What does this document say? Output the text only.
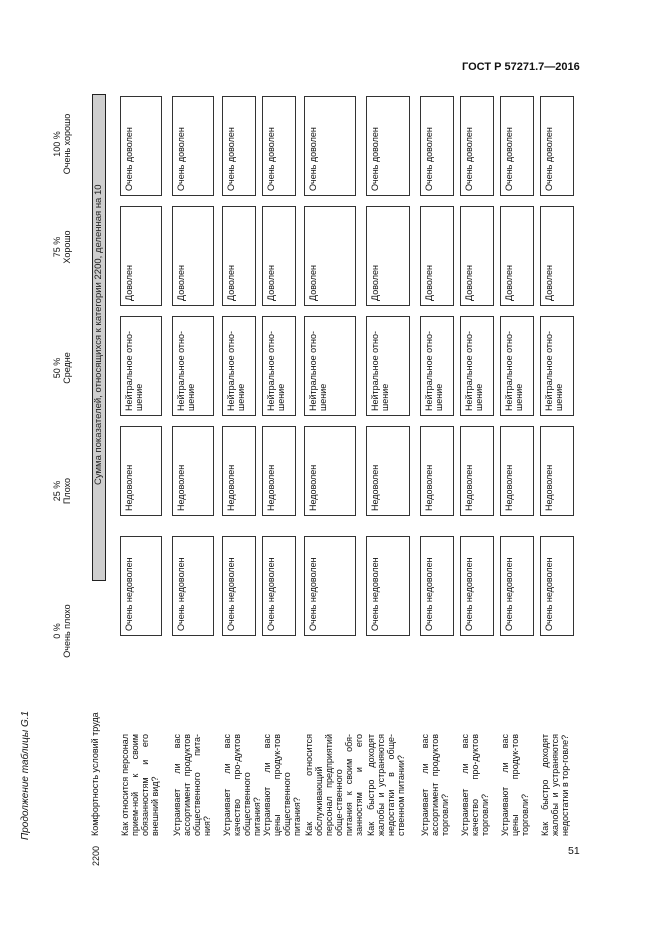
ГОСТ Р 57271.7—2016
51
Продолжение таблицы G.1
2200
Комфортность условий труда
0 % Очень плохо
25 % Плохо
50 % Средне
75 % Хорошо
100 % Очень хорошо
Сумма показателей, относящихся к категории 2200, деленная на 10
Как относится персонал прием-ной к своим обязанностям и его внешний вид?
Очень недоволен
Недоволен
Нейтральное отно-шение
Доволен
Очень доволен
Устраивает ли вас ассортимент продуктов общественного пита-ния?
Очень недоволен
Недоволен
Нейтральное отно-шение
Доволен
Очень доволен
Устраивает ли вас качество про-дуктов общественного питания?
Очень недоволен
Недоволен
Нейтральное отно-шение
Доволен
Очень доволен
Устраивают ли вас цены продук-тов общественного питания?
Очень недоволен
Недоволен
Нейтральное отно-шение
Доволен
Очень доволен
Как относится обслуживающий персонал предприятий обще-ственного питания к своим обя-занностям и его
Очень недоволен
Недоволен
Нейтральное отно-шение
Доволен
Очень доволен
Как быстро доходят жалобы и устраняются недостатки в обще-ственном питании?
Очень недоволен
Недоволен
Нейтральное отно-шение
Доволен
Очень доволен
Устраивает ли вас ассортимент продуктов торговли?
Очень недоволен
Недоволен
Нейтральное отно-шение
Доволен
Очень доволен
Устраивает ли вас качество про-дуктов торговли?
Очень недоволен
Недоволен
Нейтральное отно-шение
Доволен
Очень доволен
Устраивают ли вас цены продук-тов торговли?
Очень недоволен
Недоволен
Нейтральное отно-шение
Доволен
Очень доволен
Как быстро доходят жалобы и устраняются недостатки в тор-говле?
Очень недоволен
Недоволен
Нейтральное отно-шение
Доволен
Очень доволен
